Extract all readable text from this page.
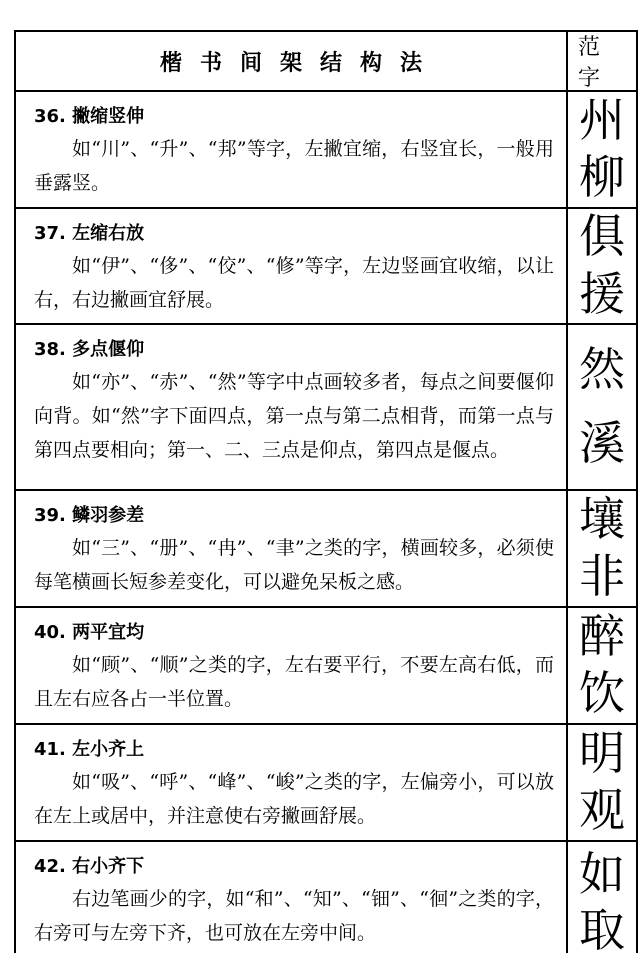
楷书间架结构法
范字
36. 撇缩竖伸

如“川”、“升”、“邦”等字，左撇宜缩，右竖宜长，一般用垂露竖。

州
柳
37. 左缩右放

如“伊”、“侈”、“佼”、“修”等字，左边竖画宜收缩，以让右，右边撇画宜舒展。

俱
援
38. 多点偃仰

如“亦”、“赤”、“然”等字中点画较多者，每点之间要偃仰向背。如“然”字下面四点，第一点与第二点相背，而第一点与第四点要相向；第一、二、三点是仰点，第四点是偃点。

然
溪
39. 鳞羽参差

如“三”、“册”、“冉”、“聿”之类的字，横画较多，必须使每笔横画长短参差变化，可以避免呆板之感。

壤
非
40. 两平宜均

如“顾”、“顺”之类的字，左右要平行，不要左高右低，而且左右应各占一半位置。

醉
饮
41. 左小齐上

如“吸”、“呼”、“峰”、“峻”之类的字，左偏旁小，可以放在左上或居中，并注意使右旁撇画舒展。

明
观
42. 右小齐下

右边笔画少的字，如“和”、“知”、“钿”、“徊”之类的字，右旁可与左旁下齐，也可放在左旁中间。

如
取
